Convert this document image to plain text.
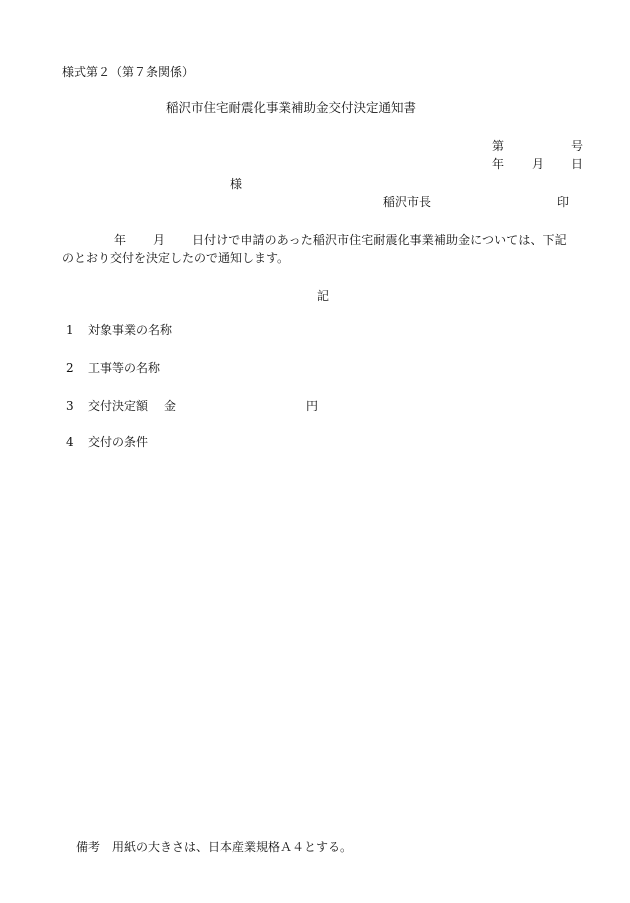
様式第２（第７条関係）
稲沢市住宅耐震化事業補助金交付決定通知書
第	号
年 月 日
様
稲沢市長	印
年 月 日付けで申請のあった稲沢市住宅耐震化事業補助金については、下記
のとおり交付を決定したので通知します。
記
1 対象事業の名称
2 工事等の名称
3 交付決定額 金	円
4 交付の条件
備考　用紙の大きさは、日本産業規格Ａ４とする。
